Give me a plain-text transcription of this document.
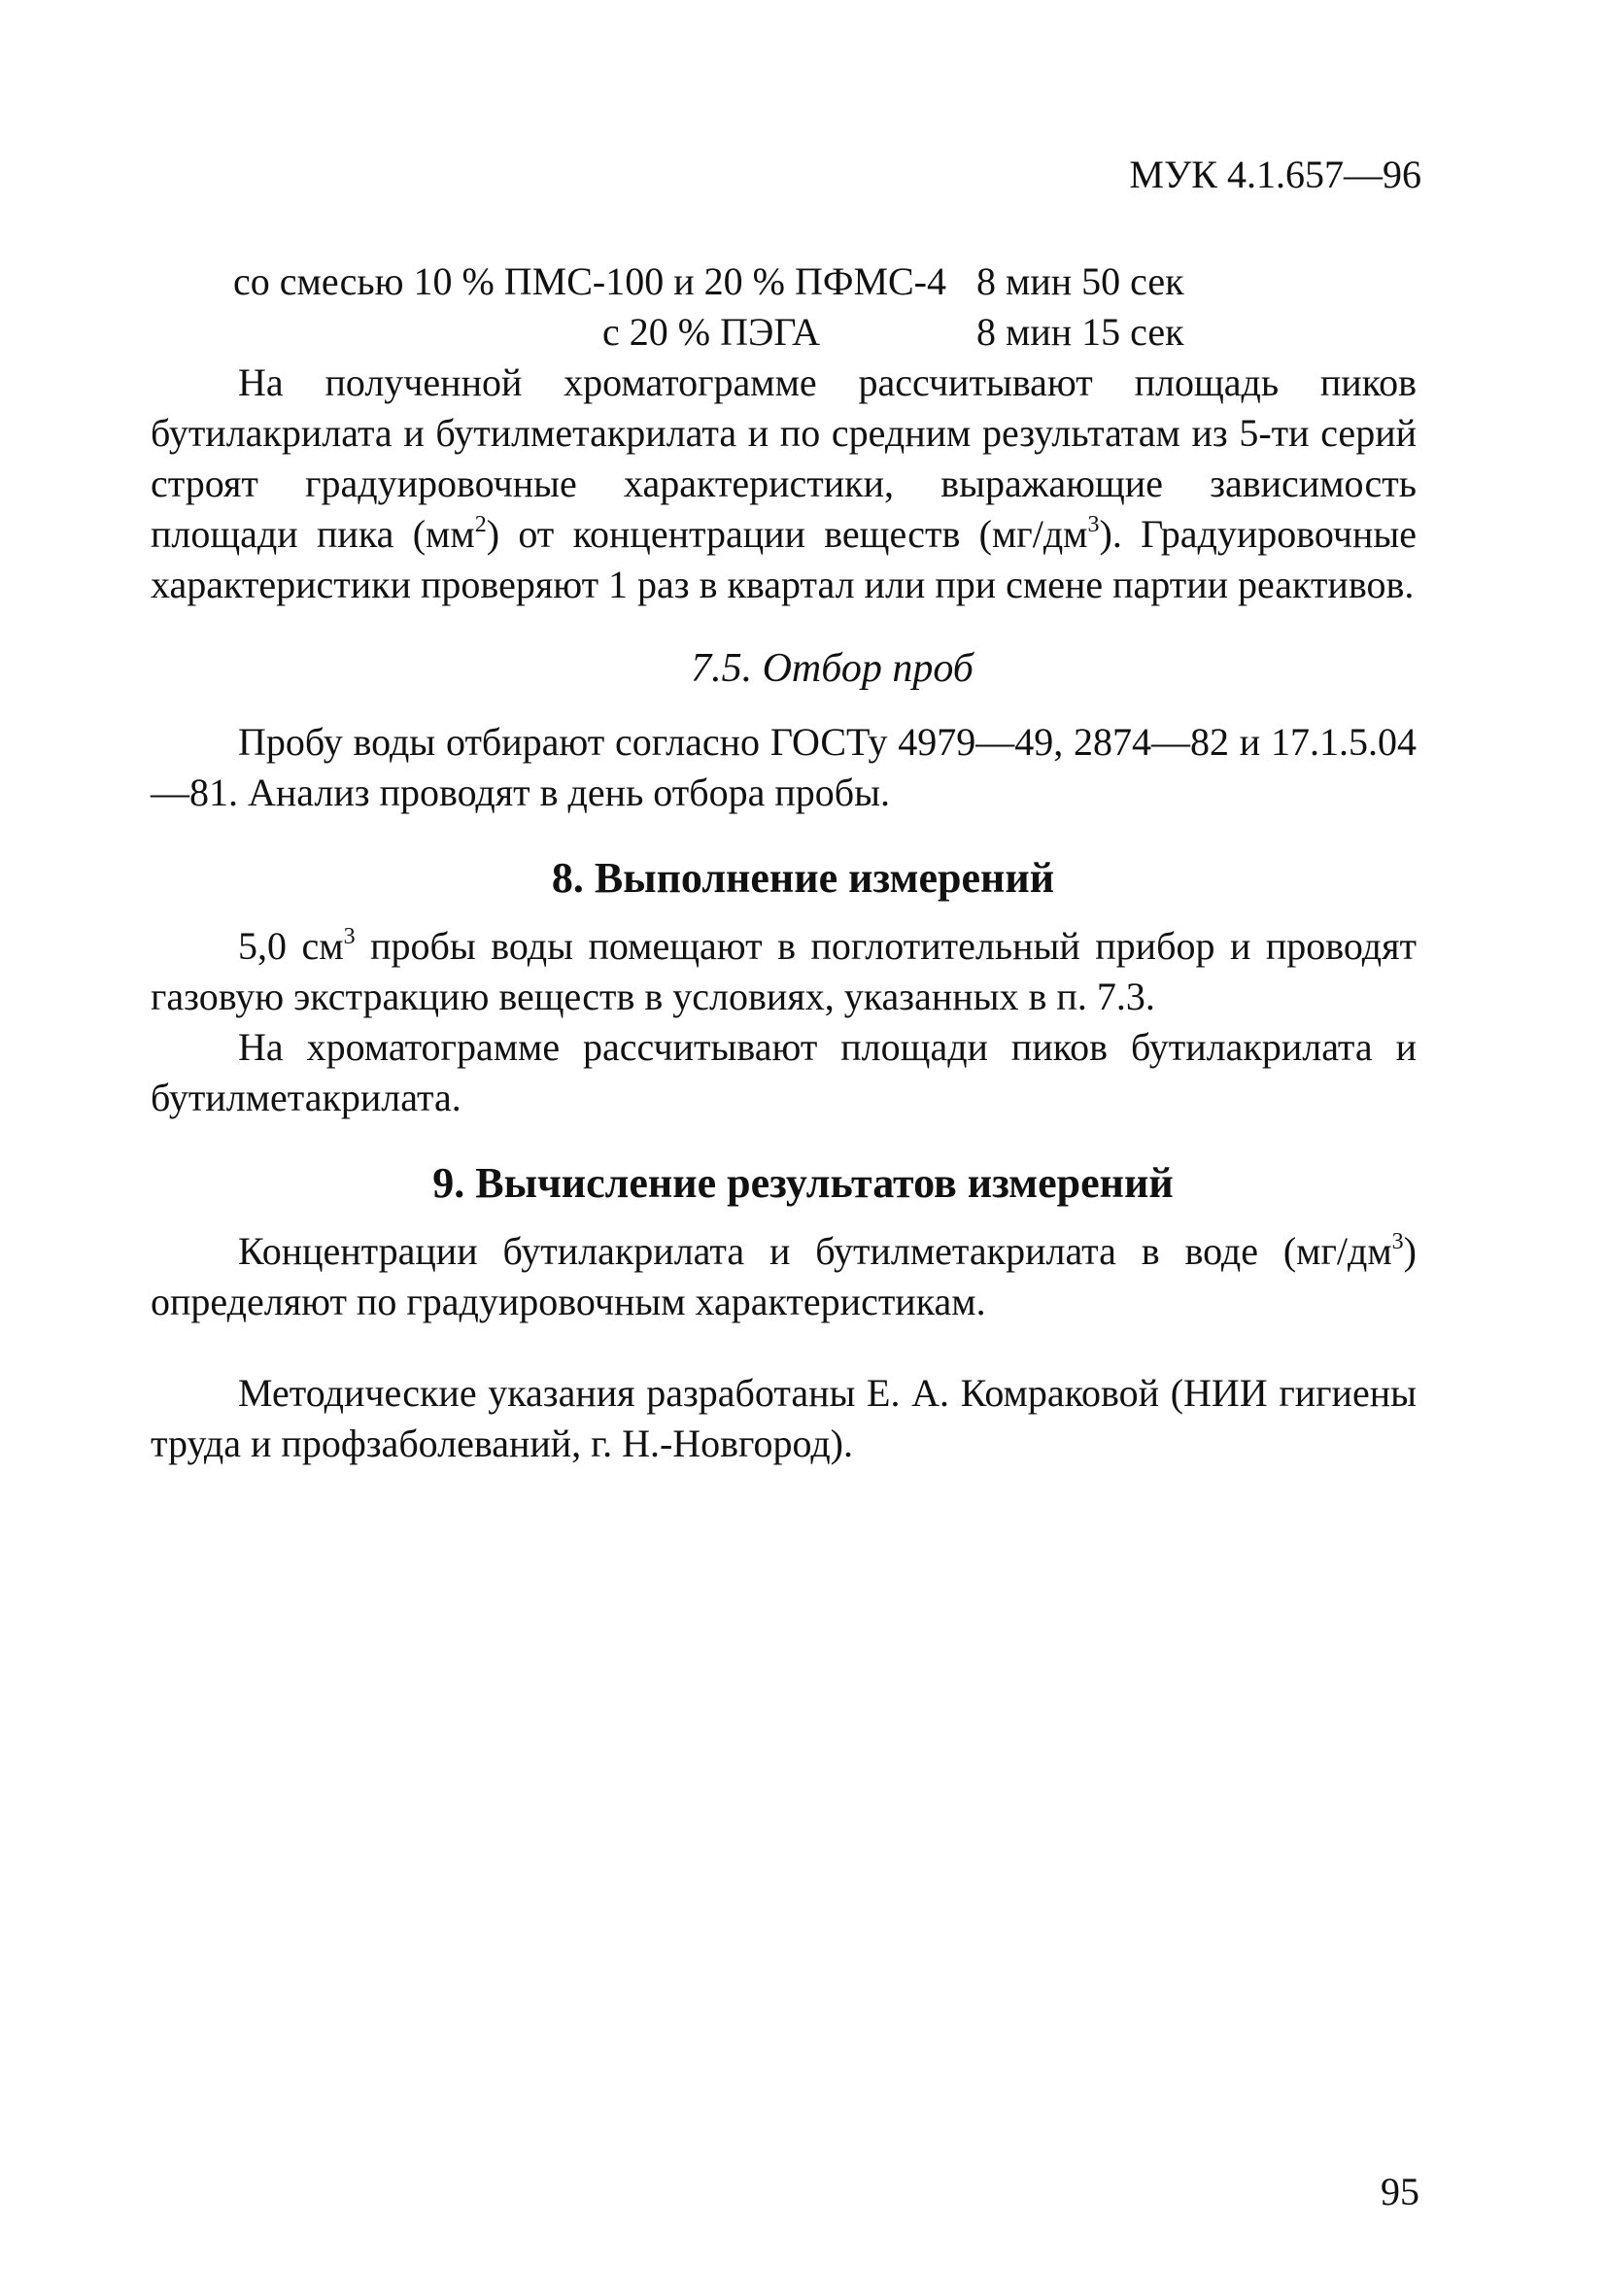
МУК 4.1.657—96
со смесью 10 % ПМС-100 и 20 % ПФМС-4 8 мин 50 сек
с 20 % ПЭГА	8 мин 15 сек

На полученной хроматограмме рассчитывают площадь пиков бутилакрилата и бутилметакрилата и по средним результатам из 5-ти серий строят градуировочные характеристики, выражающие зависимость площади пика $(мм^2)$ от концентрации веществ $(мг/дм^3)$. Градуировочные характеристики проверяют 1 раз в квартал или при смене партии реактивов.

7.5. Отбор проб

Пробу воды отбирают согласно ГОСТу 4979—49, 2874—82 и 17.1.5.04—81. Анализ проводят в день отбора пробы.

8. Выполнение измерений

5,0 $см^3$ пробы воды помещают в поглотительный прибор и проводят газовую экстракцию веществ в условиях, указанных в п. 7.3.

На хроматограмме рассчитывают площади пиков бутилакрилата и бутилметакрилата.

9. Вычисление результатов измерений

Концентрации бутилакрилата и бутилметакрилата в воде $(мг/дм^3)$ определяют по градуировочным характеристикам.

Методические указания разработаны Е. А. Комраковой (НИИ гигиены труда и профзаболеваний, г. Н.-Новгород).

95
